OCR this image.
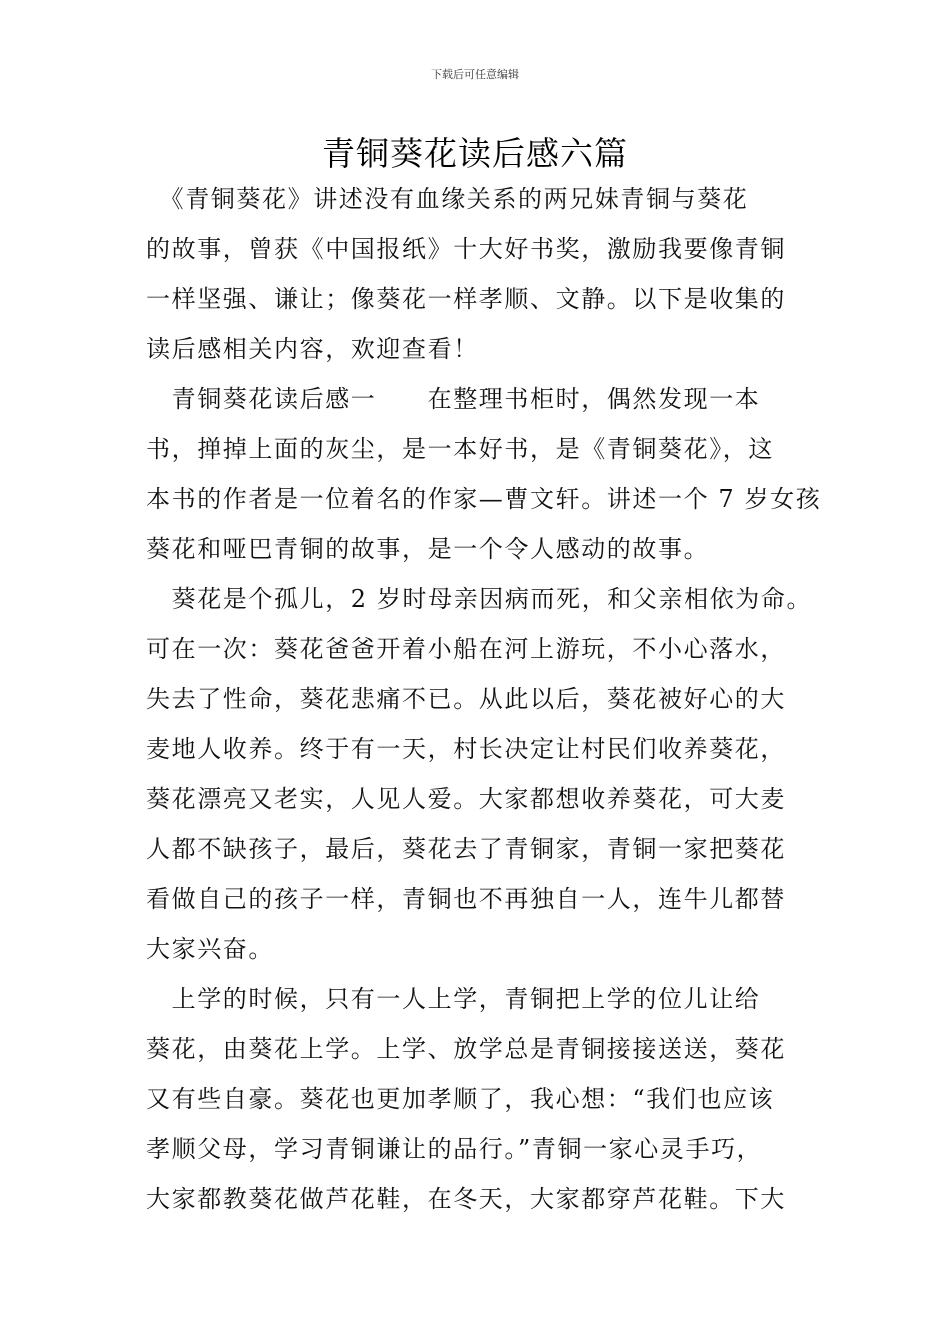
下载后可任意编辑
青铜葵花读后感六篇
　《青铜葵花》讲述没有血缘关系的两兄妹青铜与葵花
的故事，曾获《中国报纸》十大好书奖，激励我要像青铜
一样坚强、谦让；像葵花一样孝顺、文静。以下是收集的
读后感相关内容，欢迎查看！
　青铜葵花读后感一　　在整理书柜时，偶然发现一本
书，掸掉上面的灰尘，是一本好书，是《青铜葵花》，这
本书的作者是一位着名的作家—曹文轩。讲述一个 7 岁女孩
葵花和哑巴青铜的故事，是一个令人感动的故事。
　葵花是个孤儿，2 岁时母亲因病而死，和父亲相依为命。
可在一次：葵花爸爸开着小船在河上游玩，不小心落水，
失去了性命，葵花悲痛不已。从此以后，葵花被好心的大
麦地人收养。终于有一天，村长决定让村民们收养葵花，
葵花漂亮又老实，人见人爱。大家都想收养葵花，可大麦
人都不缺孩子，最后，葵花去了青铜家，青铜一家把葵花
看做自己的孩子一样，青铜也不再独自一人，连牛儿都替
大家兴奋。
　上学的时候，只有一人上学，青铜把上学的位儿让给
葵花，由葵花上学。上学、放学总是青铜接接送送，葵花
又有些自豪。葵花也更加孝顺了，我心想：“我们也应该
孝顺父母，学习青铜谦让的品行。”青铜一家心灵手巧，
大家都教葵花做芦花鞋，在冬天，大家都穿芦花鞋。下大
